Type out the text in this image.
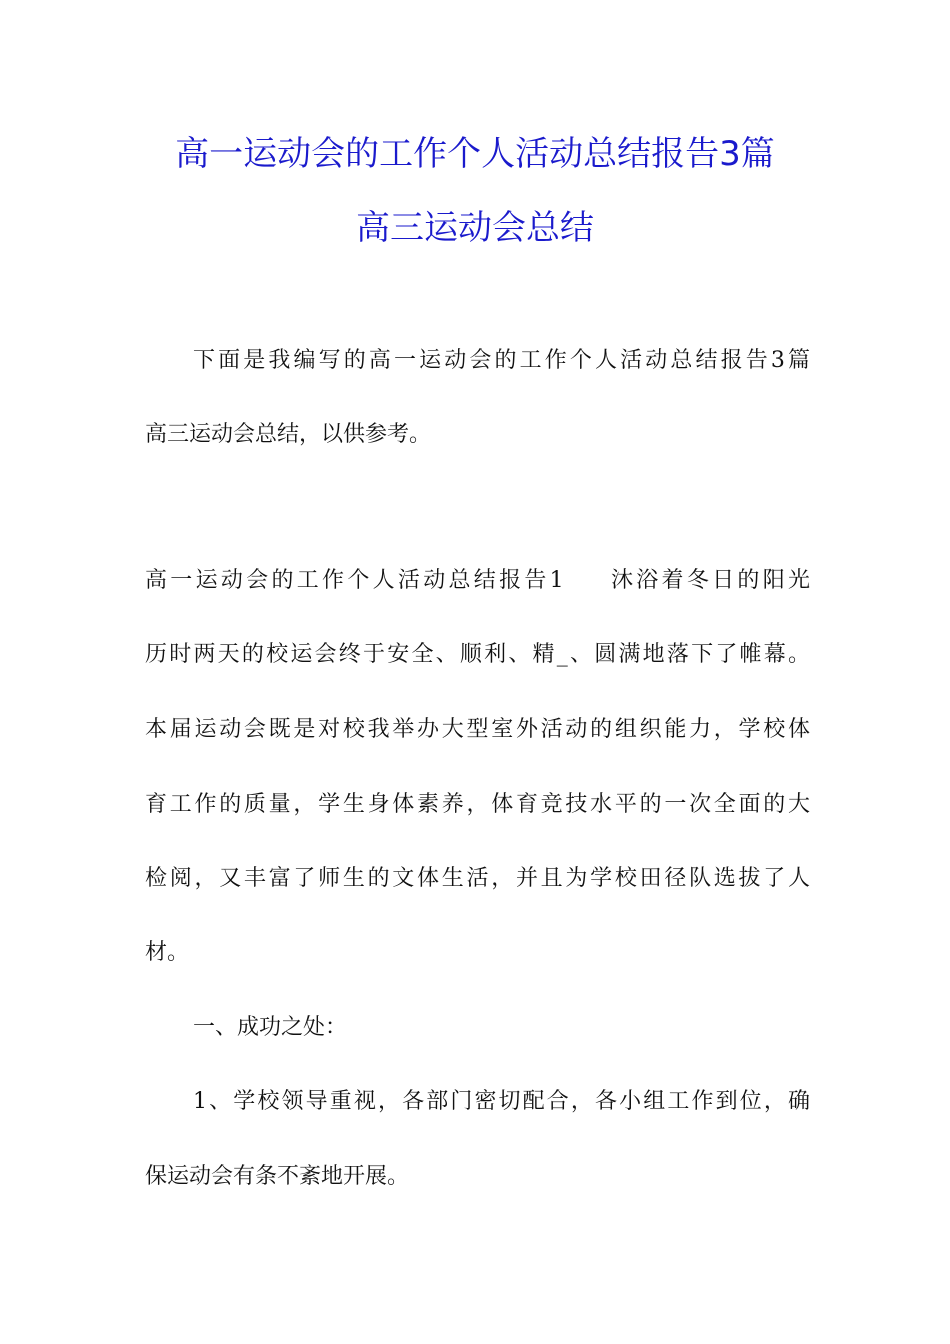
高一运动会的工作个人活动总结报告3篇
高三运动会总结

下面是我编写的高一运动会的工作个人活动总结报告3篇

高三运动会总结，以供参考。

高一运动会的工作个人活动总结报告1 沐浴着冬日的阳光

历时两天的校运会终于安全、顺利、精_、圆满地落下了帷幕。

本届运动会既是对校我举办大型室外活动的组织能力，学校体

育工作的质量，学生身体素养，体育竞技水平的一次全面的大

检阅，又丰富了师生的文体生活，并且为学校田径队选拔了人

材。

一、成功之处：

1、学校领导重视，各部门密切配合，各小组工作到位，确

保运动会有条不紊地开展。
